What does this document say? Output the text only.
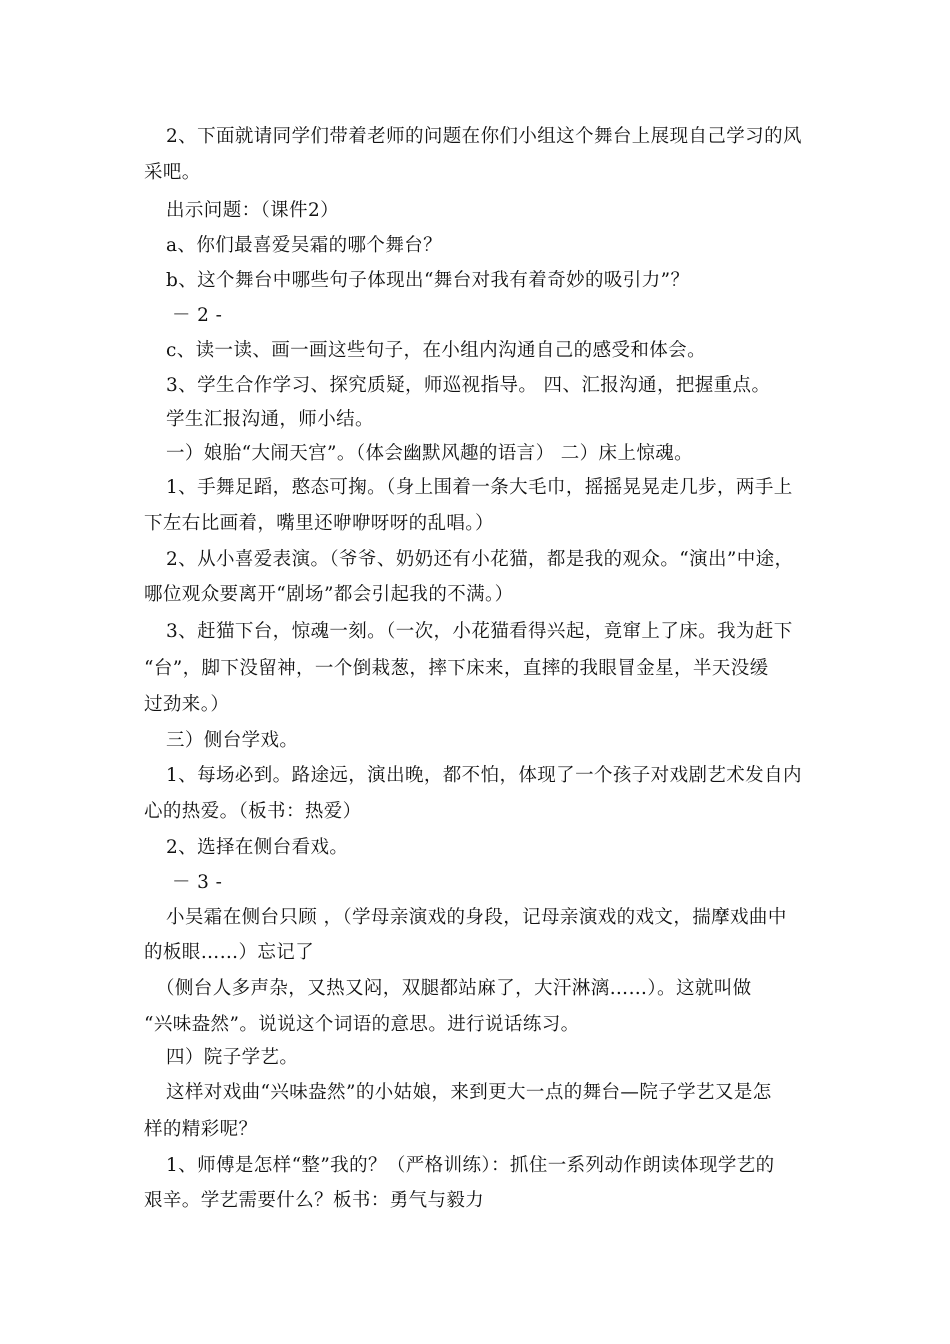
2、下面就请同学们带着老师的问题在你们小组这个舞台上展现自己学习的风
采吧。
出示问题：（课件2）
a、你们最喜爱吴霜的哪个舞台？
b、这个舞台中哪些句子体现出“舞台对我有着奇妙的吸引力”？
－ 2 -
c、读一读、画一画这些句子，在小组内沟通自己的感受和体会。
3、学生合作学习、探究质疑，师巡视指导。 四、汇报沟通，把握重点。
学生汇报沟通，师小结。
一）娘胎“大闹天宫”。（体会幽默风趣的语言） 二）床上惊魂。
1、手舞足蹈，憨态可掬。（身上围着一条大毛巾，摇摇晃晃走几步，两手上
下左右比画着，嘴里还咿咿呀呀的乱唱。）
2、从小喜爱表演。（爷爷、奶奶还有小花猫，都是我的观众。“演出”中途，
哪位观众要离开“剧场”都会引起我的不满。）
3、赶猫下台，惊魂一刻。（一次，小花猫看得兴起，竟窜上了床。我为赶下
“台”，脚下没留神，一个倒栽葱，摔下床来，直摔的我眼冒金星，半天没缓
过劲来。）
三）侧台学戏。
1、每场必到。路途远，演出晚，都不怕，体现了一个孩子对戏剧艺术发自内
心的热爱。（板书：热爱）
2、选择在侧台看戏。
－ 3 -
小吴霜在侧台只顾 ，（学母亲演戏的身段，记母亲演戏的戏文，揣摩戏曲中
的板眼……）忘记了
（侧台人多声杂，又热又闷，双腿都站麻了，大汗淋漓……）。这就叫做
“兴味盎然”。说说这个词语的意思。进行说话练习。
四）院子学艺。
这样对戏曲“兴味盎然”的小姑娘，来到更大一点的舞台—院子学艺又是怎
样的精彩呢？
1、师傅是怎样“整”我的？（严格训练）：抓住一系列动作朗读体现学艺的
艰辛。学艺需要什么？板书：勇气与毅力
